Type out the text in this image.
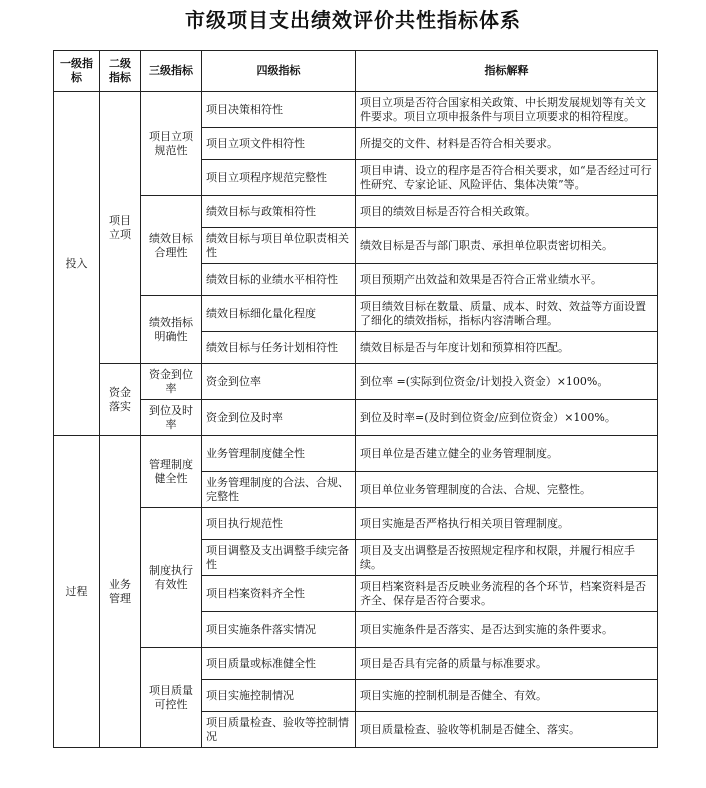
市级项目支出绩效评价共性指标体系
一级指标	二级指标	三级指标	四级指标	指标解释
投入	项目立项	项目立项规范性	项目决策相符性	项目立项是否符合国家相关政策、中长期发展规划等有关文件要求。项目立项申报条件与项目立项要求的相符程度。
			项目立项文件相符性	所提交的文件、材料是否符合相关要求。
			项目立项程序规范完整性	项目申请、设立的程序是否符合相关要求，如“是否经过可行性研究、专家论证、风险评估、集体决策”等。
		绩效目标合理性	绩效目标与政策相符性	项目的绩效目标是否符合相关政策。
			绩效目标与项目单位职责相关性	绩效目标是否与部门职责、承担单位职责密切相关。
			绩效目标的业绩水平相符性	项目预期产出效益和效果是否符合正常业绩水平。
		绩效指标明确性	绩效目标细化量化程度	项目绩效目标在数量、质量、成本、时效、效益等方面设置了细化的绩效指标，指标内容清晰合理。
			绩效目标与任务计划相符性	绩效目标是否与年度计划和预算相符匹配。
	资金落实	资金到位率	资金到位率	到位率 =(实际到位资金/计划投入资金）×100%。
		到位及时率	资金到位及时率	到位及时率=(及时到位资金/应到位资金）×100%。
过程	业务管理	管理制度健全性	业务管理制度健全性	项目单位是否建立健全的业务管理制度。
			业务管理制度的合法、合规、完整性	项目单位业务管理制度的合法、合规、完整性。
		制度执行有效性	项目执行规范性	项目实施是否严格执行相关项目管理制度。
			项目调整及支出调整手续完备性	项目及支出调整是否按照规定程序和权限，并履行相应手续。
			项目档案资料齐全性	项目档案资料是否反映业务流程的各个环节，档案资料是否齐全、保存是否符合要求。
			项目实施条件落实情况	项目实施条件是否落实、是否达到实施的条件要求。
		项目质量可控性	项目质量或标准健全性	项目是否具有完备的质量与标准要求。
			项目实施控制情况	项目实施的控制机制是否健全、有效。
			项目质量检查、验收等控制情况	项目质量检查、验收等机制是否健全、落实。
